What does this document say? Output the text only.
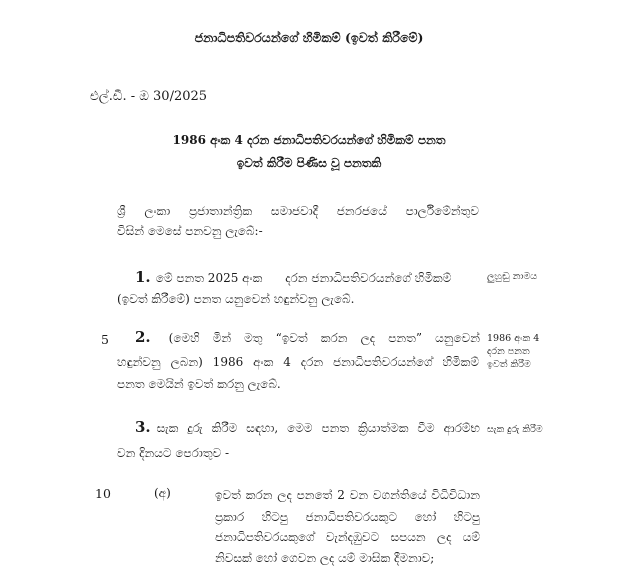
ජනාධිපතිවරයන්ගේ හිමිකම් (ඉවත් කිරීමේ)
එල්.ඩී. - ඔ 30/2025
1986 අංක 4 දරන ජනාධිපතිවරයන්ගේ හිමිකම් පනත
ඉවත් කිරීම පිණිස වූ පනතකි
ශ්‍රී ලංකා ප්‍රජාතාන්ත්‍රික සමාජවාදී ජනරජයේ පාර්ලිමේන්තුව
විසින් මෙසේ පනවනු ලැබේ:-
1. මේ පනත 2025 අංක      දරන ජනාධිපතිවරයන්ගේ හිමිකම්
(ඉවත් කිරීමේ) පනත යනුවෙන් හඳුන්වනු ලැබේ.
ලුහුඬු නාමය
5 2. (මෙහි මින් මතු “ඉවත් කරන ලද පනත” යනුවෙන්
හඳුන්වනු ලබන) 1986 අංක 4 දරන ජනාධිපතිවරයන්ගේ හිමිකම්
පනත මෙයින් ඉවත් කරනු ලැබේ.
1986 අංක 4
දරන පනත
ඉවත් කිරීම
3. සැක දුරු කිරීම සඳහා, මෙම පනත ක්‍රියාත්මක වීම ආරම්භ
වන දිනයට පෙරාතුව -
සැක දුරු කිරීම
10	(අ)	ඉවත් කරන ලද පනතේ 2 වන වගන්තියේ විධිවිධාන
ප්‍රකාර හිටපු ජනාධිපතිවරයකුට හෝ හිටපු
ජනාධිපතිවරයකුගේ වැන්දඹුවට සපයන ලද යම්
නිවසක් හෝ ගෙවන ලද යම් මාසික දීමනාව;
